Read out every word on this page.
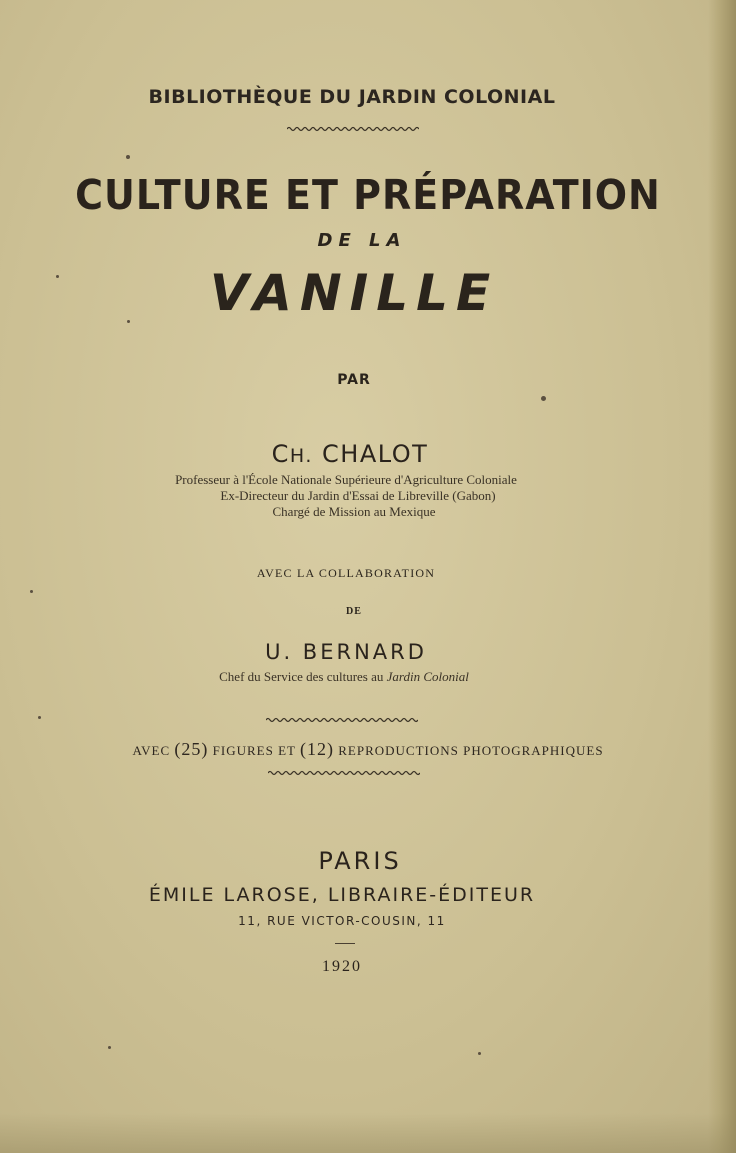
BIBLIOTHÈQUE DU JARDIN COLONIAL
CULTURE ET PRÉPARATION
DE LA
VANILLE
PAR
CH. CHALOT
Professeur à l'École Nationale Supérieure d'Agriculture Coloniale
Ex-Directeur du Jardin d'Essai de Libreville (Gabon)
Chargé de Mission au Mexique
AVEC LA COLLABORATION
DE
U. BERNARD
Chef du Service des cultures au Jardin Colonial
AVEC (25) FIGURES ET (12) REPRODUCTIONS PHOTOGRAPHIQUES
PARIS
ÉMILE LAROSE, LIBRAIRE-ÉDITEUR
11, RUE VICTOR-COUSIN, 11
1920
